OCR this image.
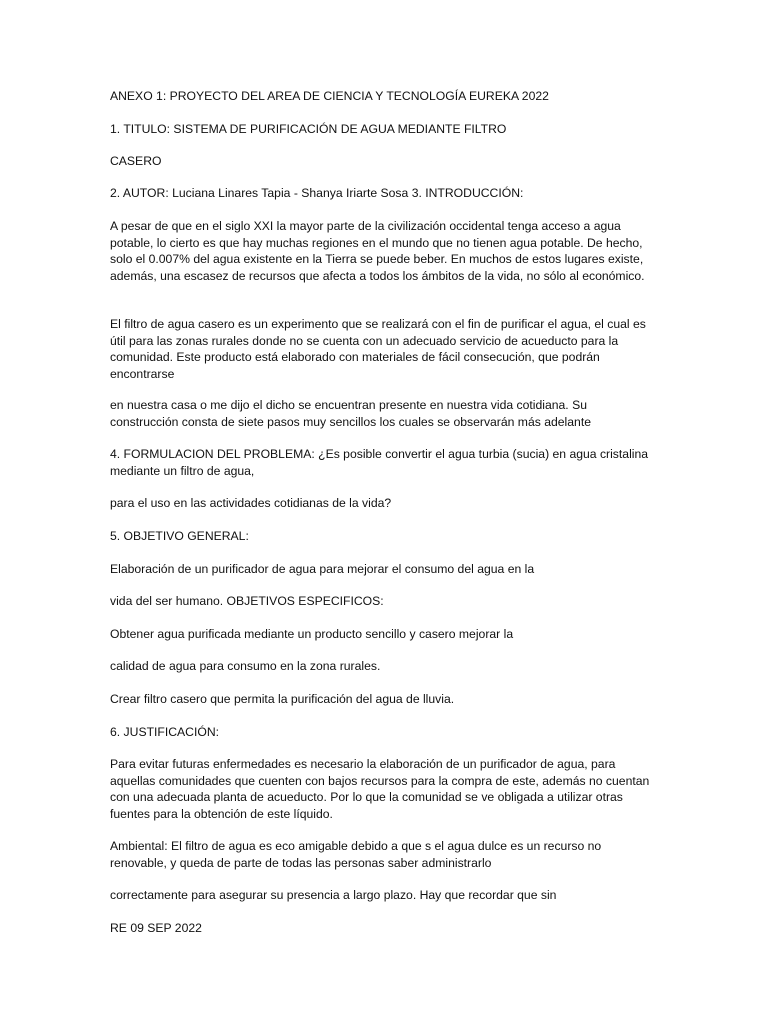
ANEXO 1: PROYECTO DEL AREA DE CIENCIA Y TECNOLOGÍA EUREKA 2022

1. TITULO: SISTEMA DE PURIFICACIÓN DE AGUA MEDIANTE FILTRO

CASERO

2. AUTOR: Luciana Linares Tapia - Shanya Iriarte Sosa 3. INTRODUCCIÓN:

A pesar de que en el siglo XXI la mayor parte de la civilización occidental tenga acceso a agua potable, lo cierto es que hay muchas regiones en el mundo que no tienen agua potable. De hecho, solo el 0.007% del agua existente en la Tierra se puede beber. En muchos de estos lugares existe, además, una escasez de recursos que afecta a todos los ámbitos de la vida, no sólo al económico.

El filtro de agua casero es un experimento que se realizará con el fin de purificar el agua, el cual es útil para las zonas rurales donde no se cuenta con un adecuado servicio de acueducto para la comunidad. Este producto está elaborado con materiales de fácil consecución, que podrán encontrarse

en nuestra casa o me dijo el dicho se encuentran presente en nuestra vida cotidiana. Su construcción consta de siete pasos muy sencillos los cuales se observarán más adelante

4. FORMULACION DEL PROBLEMA: ¿Es posible convertir el agua turbia (sucia) en agua cristalina mediante un filtro de agua,

para el uso en las actividades cotidianas de la vida?

5. OBJETIVO GENERAL:

Elaboración de un purificador de agua para mejorar el consumo del agua en la

vida del ser humano. OBJETIVOS ESPECIFICOS:

Obtener agua purificada mediante un producto sencillo y casero mejorar la

calidad de agua para consumo en la zona rurales.

Crear filtro casero que permita la purificación del agua de lluvia.

6. JUSTIFICACIÓN:

Para evitar futuras enfermedades es necesario la elaboración de un purificador de agua, para aquellas comunidades que cuenten con bajos recursos para la compra de este, además no cuentan con una adecuada planta de acueducto. Por lo que la comunidad se ve obligada a utilizar otras fuentes para la obtención de este líquido.

Ambiental: El filtro de agua es eco amigable debido a que s el agua dulce es un recurso no renovable, y queda de parte de todas las personas saber administrarlo

correctamente para asegurar su presencia a largo plazo. Hay que recordar que sin

RE 09 SEP 2022
